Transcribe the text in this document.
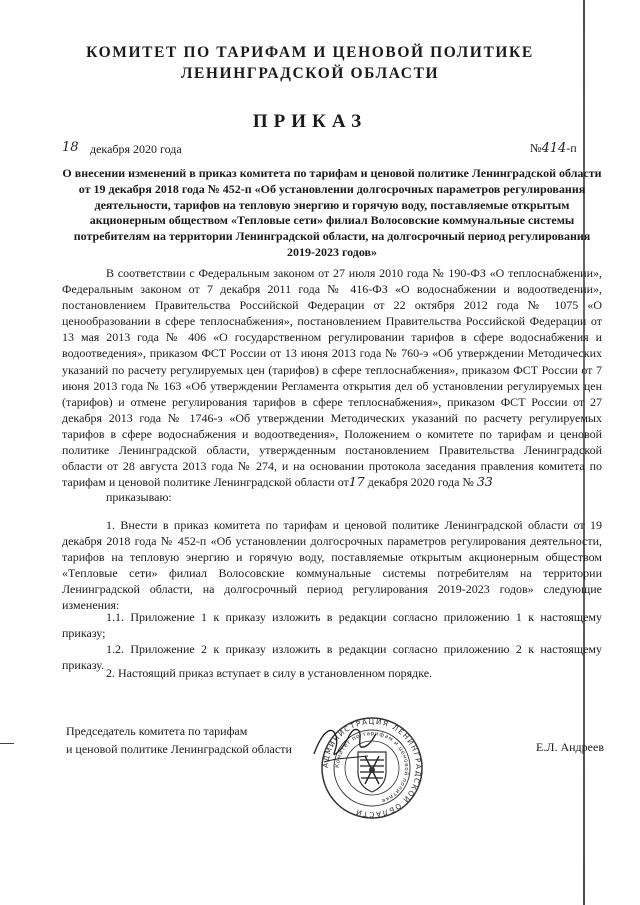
КОМИТЕТ ПО ТАРИФАМ И ЦЕНОВОЙ ПОЛИТИКЕ
ЛЕНИНГРАДСКОЙ ОБЛАСТИ
ПРИКАЗ
18 декабря 2020 года	№414-п
О внесении изменений в приказ комитета по тарифам и ценовой политике Ленинградской области от 19 декабря 2018 года № 452-п «Об установлении долгосрочных параметров регулирования деятельности, тарифов на тепловую энергию и горячую воду, поставляемые открытым акционерным обществом «Тепловые сети» филиал Волосовские коммунальные системы потребителям на территории Ленинградской области, на долгосрочный период регулирования 2019-2023 годов»

В соответствии с Федеральным законом от 27 июля 2010 года № 190-ФЗ «О теплоснабжении», Федеральным законом от 7 декабря 2011 года № 416-ФЗ «О водоснабжении и водоотведении», постановлением Правительства Российской Федерации от 22 октября 2012 года № 1075 «О ценообразовании в сфере теплоснабжения», постановлением Правительства Российской Федерации от 13 мая 2013 года № 406 «О государственном регулировании тарифов в сфере водоснабжения и водоотведения», приказом ФСТ России от 13 июня 2013 года № 760-э «Об утверждении Методических указаний по расчету регулируемых цен (тарифов) в сфере теплоснабжения», приказом ФСТ России от 7 июня 2013 года № 163 «Об утверждении Регламента открытия дел об установлении регулируемых цен (тарифов) и отмене регулирования тарифов в сфере теплоснабжения», приказом ФСТ России от 27 декабря 2013 года № 1746-э «Об утверждении Методических указаний по расчету регулируемых тарифов в сфере водоснабжения и водоотведения», Положением о комитете по тарифам и ценовой политике Ленинградской области, утвержденным постановлением Правительства Ленинградской области от 28 августа 2013 года № 274, и на основании протокола заседания правления комитета по тарифам и ценовой политике Ленинградской области от17 декабря 2020 года № 33

приказываю:

1. Внести в приказ комитета по тарифам и ценовой политике Ленинградской области от 19 декабря 2018 года № 452-п «Об установлении долгосрочных параметров регулирования деятельности, тарифов на тепловую энергию и горячую воду, поставляемые открытым акционерным обществом «Тепловые сети» филиал Волосовские коммунальные системы потребителям на территории Ленинградской области, на долгосрочный период регулирования 2019-2023 годов» следующие изменения:

1.1. Приложение 1 к приказу изложить в редакции согласно приложению 1 к настоящему приказу;

1.2. Приложение 2 к приказу изложить в редакции согласно приложению 2 к настоящему приказу.

2. Настоящий приказ вступает в силу в установленном порядке.

Председатель комитета по тарифам
и ценовой политике Ленинградской области
АДМИНИСТРАЦИЯ ЛЕНИНГРАДСКОЙ ОБЛАСТИ
Комитет по тарифам и ценовой политике
Е.Л. Андреев
